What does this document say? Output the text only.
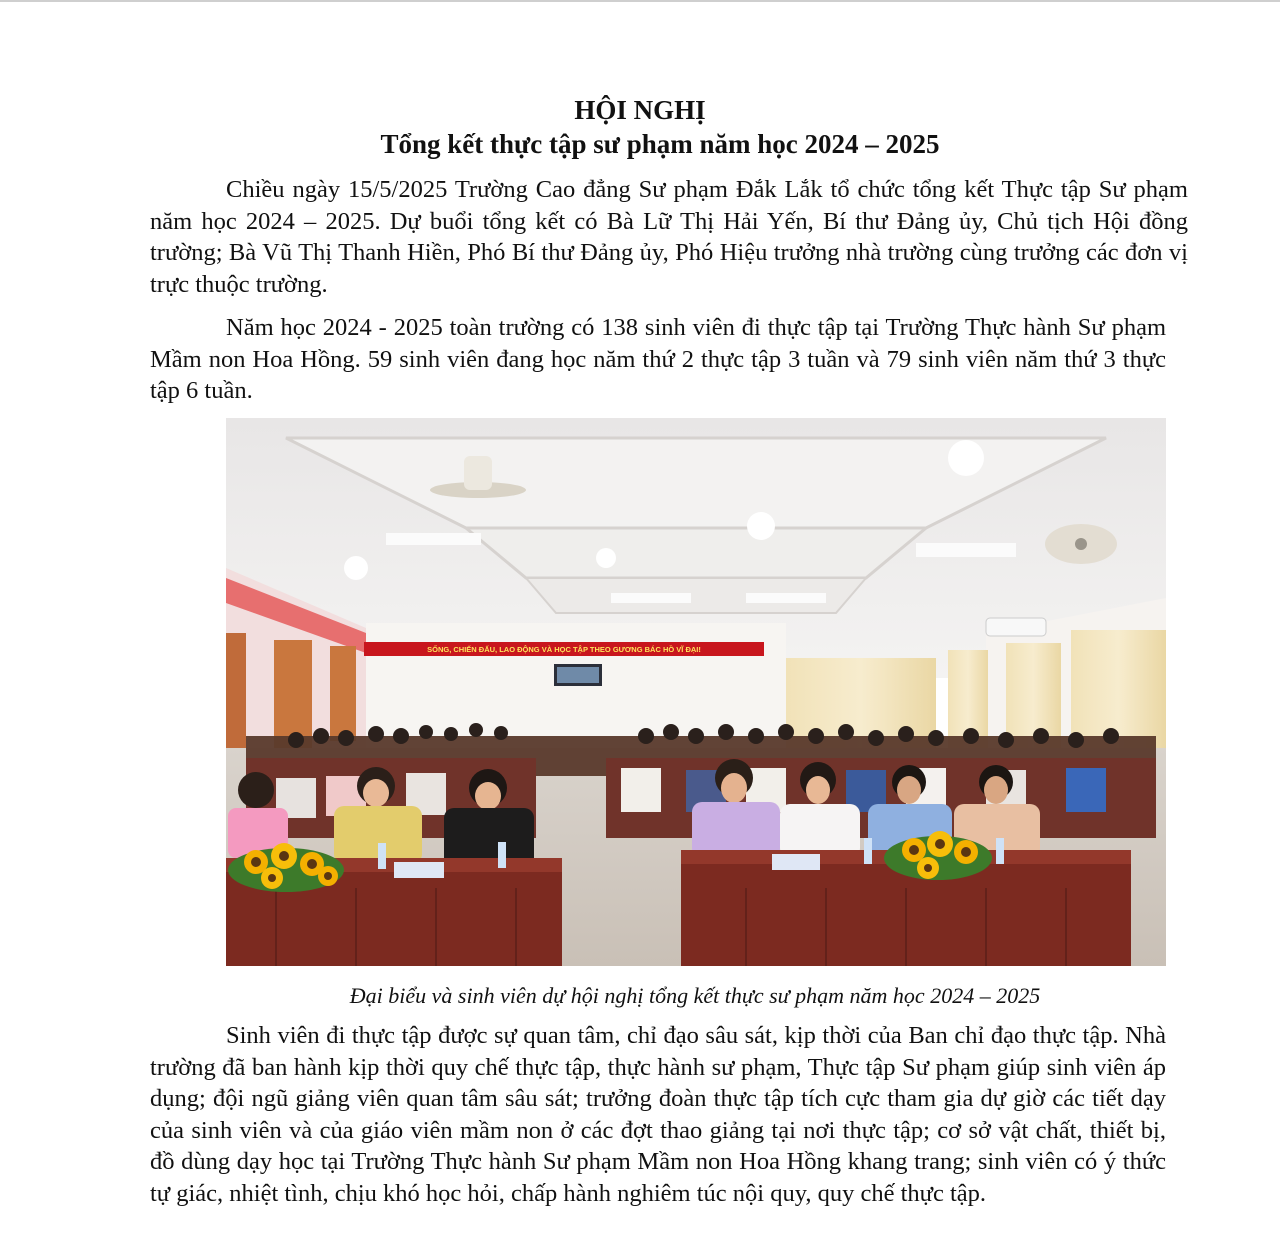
HỘI NGHỊ
Tổng kết thực tập sư phạm năm học 2024 – 2025

Chiều ngày 15/5/2025 Trường Cao đẳng Sư phạm Đắk Lắk tổ chức tổng kết Thực tập Sư phạm năm học 2024 – 2025. Dự buổi tổng kết có Bà Lữ Thị Hải Yến, Bí thư Đảng ủy, Chủ tịch Hội đồng trường; Bà Vũ Thị Thanh Hiền, Phó Bí thư Đảng ủy, Phó Hiệu trưởng nhà trường cùng trưởng các đơn vị trực thuộc trường.

Năm học 2024 - 2025 toàn trường có 138 sinh viên đi thực tập tại Trường Thực hành Sư phạm Mầm non Hoa Hồng. 59 sinh viên đang học năm thứ 2 thực tập 3 tuần và 79 sinh viên năm thứ 3 thực tập 6 tuần.

SỐNG, CHIẾN ĐẤU, LAO ĐỘNG VÀ HỌC TẬP THEO GƯƠNG BÁC HỒ VĨ ĐẠI!
Đại biểu và sinh viên dự hội nghị tổng kết thực sư phạm năm học 2024 – 2025

Sinh viên đi thực tập được sự quan tâm, chỉ đạo sâu sát, kịp thời của Ban chỉ đạo thực tập. Nhà trường đã ban hành kịp thời quy chế thực tập, thực hành sư phạm, Thực tập Sư phạm giúp sinh viên áp dụng; đội ngũ giảng viên quan tâm sâu sát; trưởng đoàn thực tập tích cực tham gia dự giờ các tiết dạy của sinh viên và của giáo viên mầm non ở các đợt thao giảng tại nơi thực tập; cơ sở vật chất, thiết bị, đồ dùng dạy học tại Trường Thực hành Sư phạm Mầm non Hoa Hồng khang trang; sinh viên có ý thức tự giác, nhiệt tình, chịu khó học hỏi, chấp hành nghiêm túc nội quy, quy chế thực tập.
